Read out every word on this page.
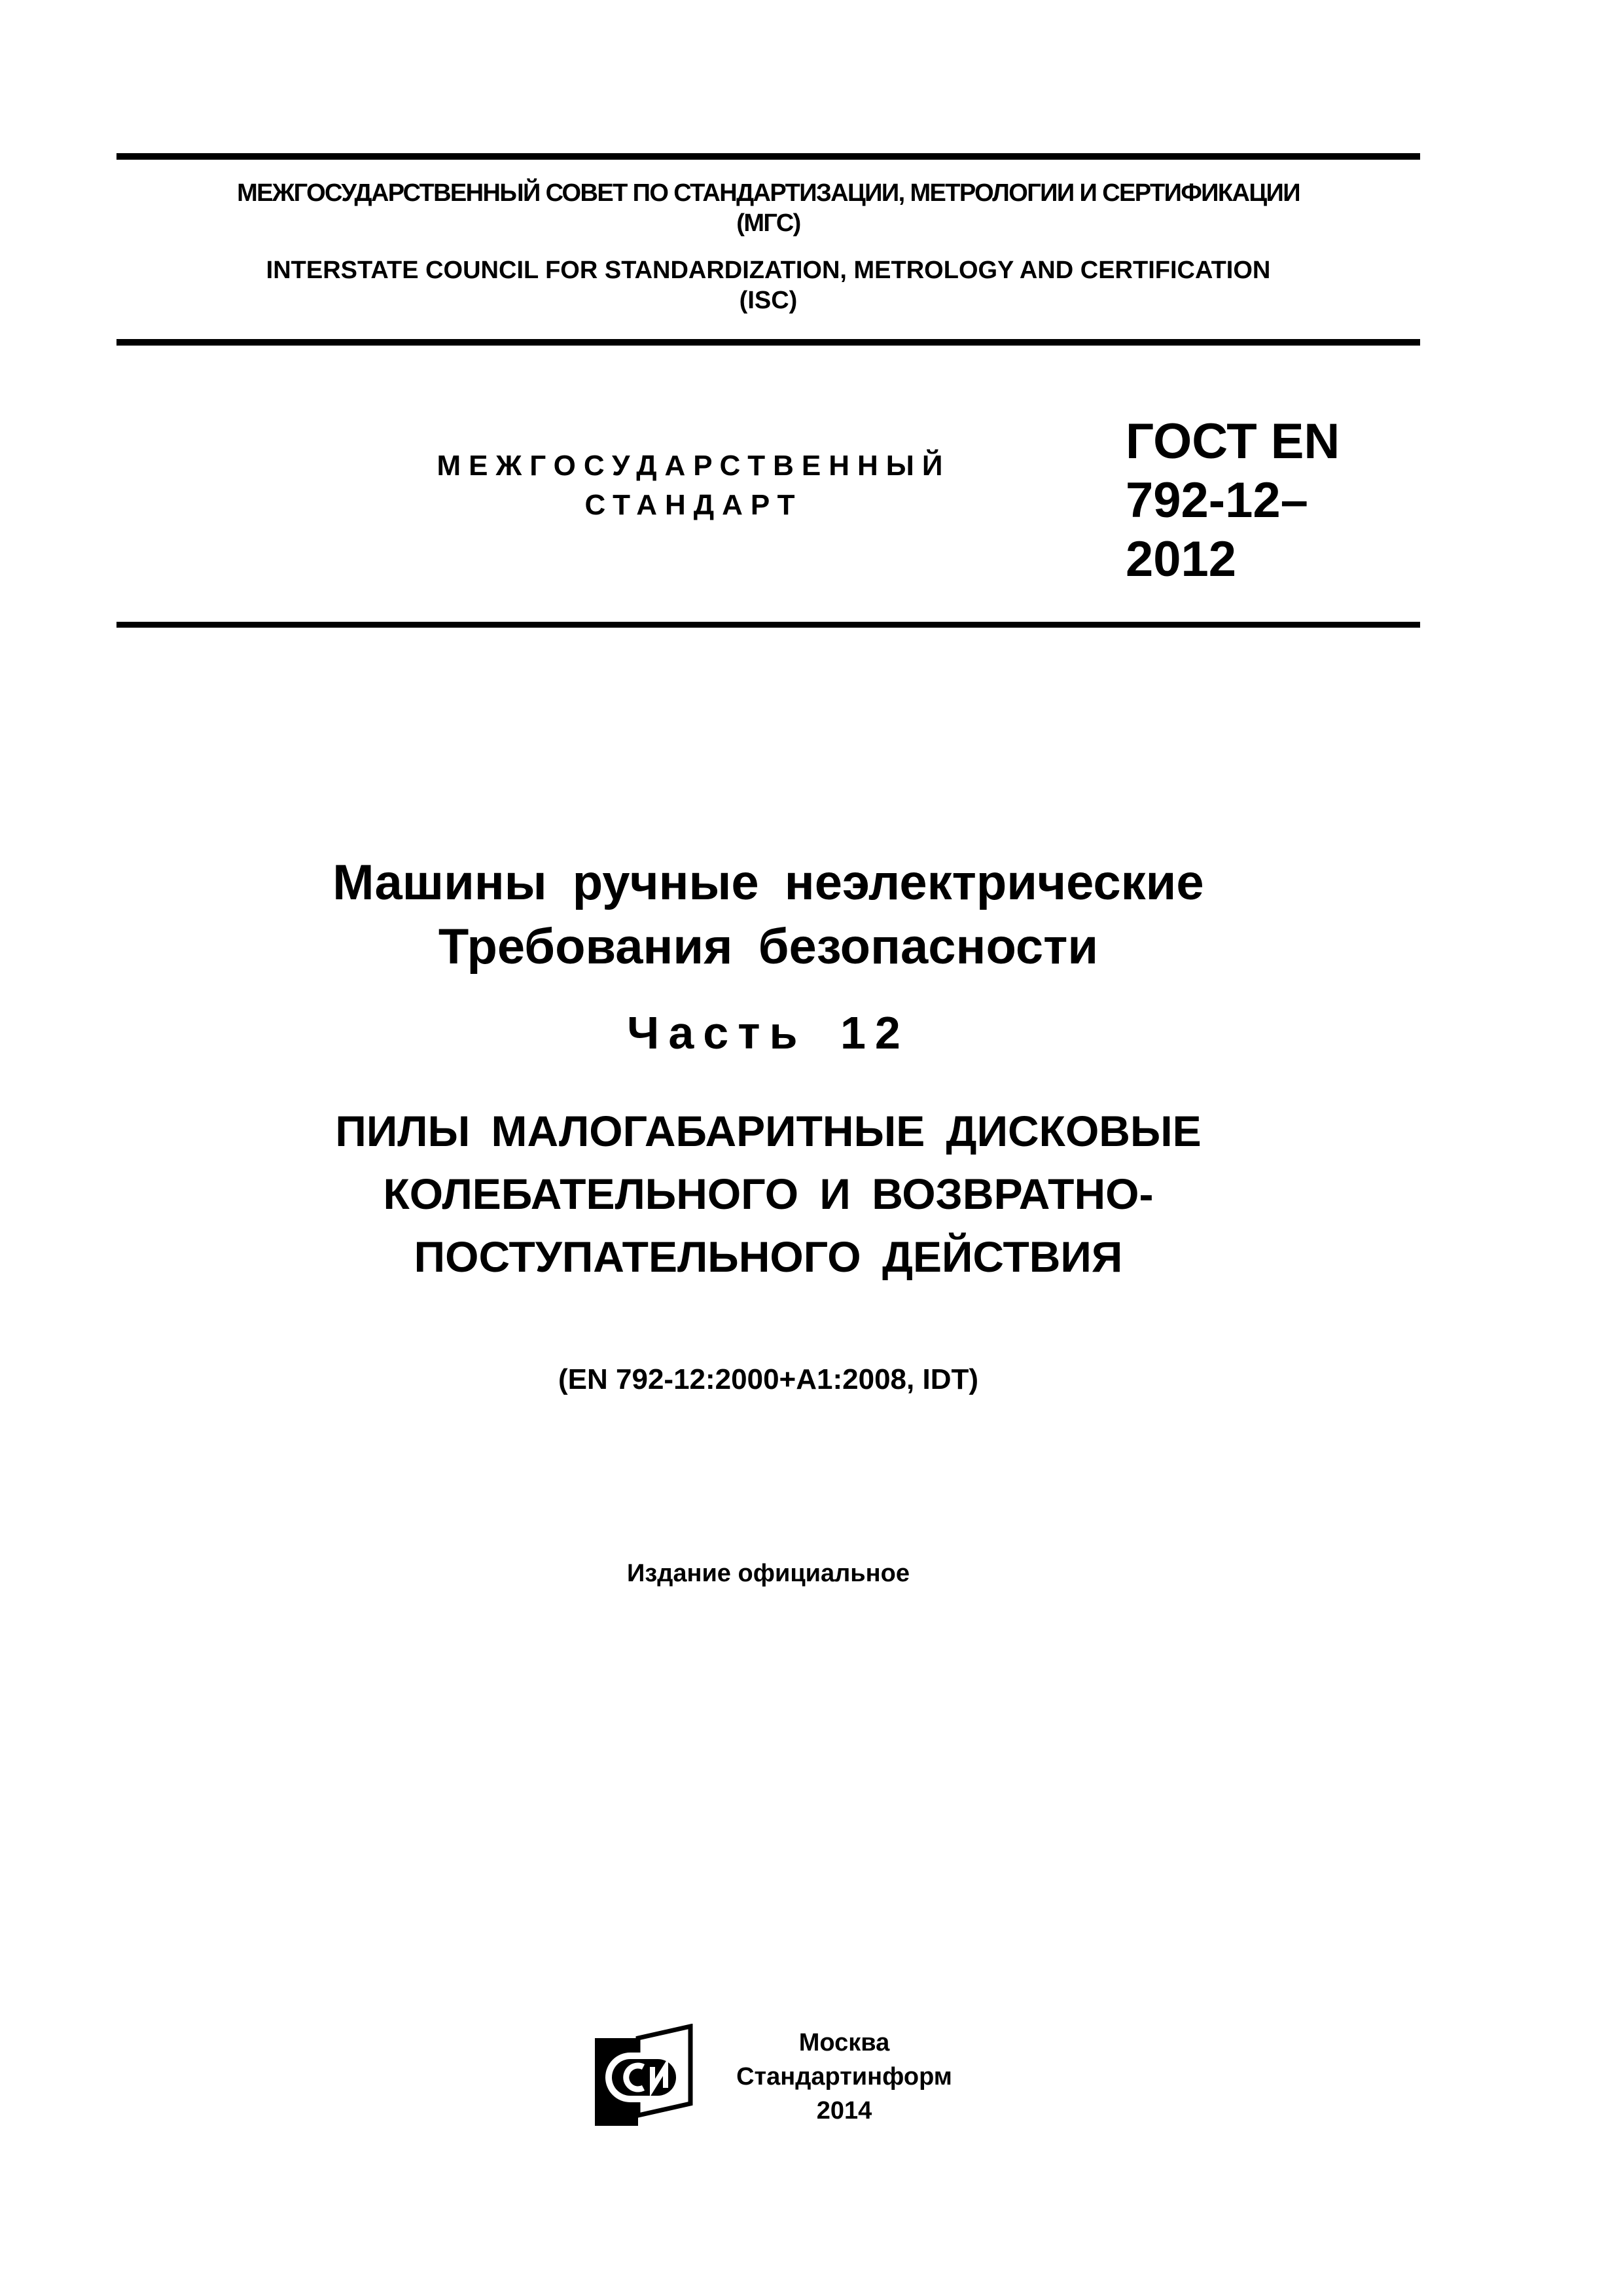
МЕЖГОСУДАРСТВЕННЫЙ СОВЕТ ПО СТАНДАРТИЗАЦИИ, МЕТРОЛОГИИ И СЕРТИФИКАЦИИ
(МГС)
INTERSTATE COUNCIL FOR STANDARDIZATION, METROLOGY AND CERTIFICATION
(ISC)
МЕЖГОСУДАРСТВЕННЫЙ
СТАНДАРТ
ГОСТ EN
792-12–
2012
Машины ручные неэлектрические
Требования безопасности
Часть 12
ПИЛЫ МАЛОГАБАРИТНЫЕ ДИСКОВЫЕ
КОЛЕБАТЕЛЬНОГО И ВОЗВРАТНО-
ПОСТУПАТЕЛЬНОГО ДЕЙСТВИЯ
(EN 792-12:2000+A1:2008, IDT)
Издание официальное
Москва
Стандартинформ
2014
